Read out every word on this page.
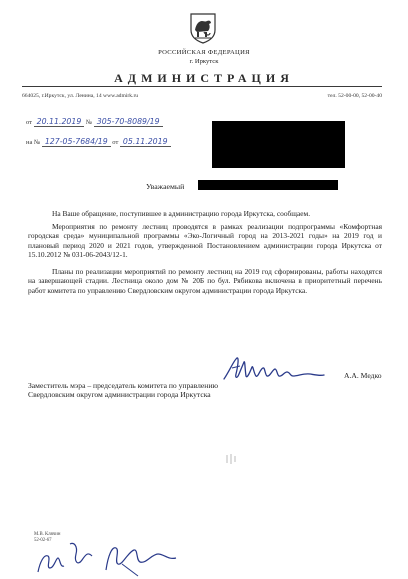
РОССИЙСКАЯ ФЕДЕРАЦИЯ
г. Иркутск
АДМИНИСТРАЦИЯ
664025, г.Иркутск, ул. Ленина, 14 www.admirk.ru	тел. 52-00-00, 52-00-40
от 20.11.2019 № 305-70-8089/19
на № 127-05-7684/19 от 05.11.2019
Уважаемый
На Ваше обращение, поступившее в администрацию города Иркутска, сообщаем.
Мероприятия по ремонту лестниц проводятся в рамках реализации подпрограммы «Комфортная городская среда» муниципальной программы «Эко-Логичный город на 2013-2021 годы» на 2019 год и плановый период 2020 и 2021 годов, утвержденной Постановлением администрации города Иркутска от 15.10.2012 № 031-06-2043/12-1.
Планы по реализации мероприятий по ремонту лестниц на 2019 год сформированы, работы находятся на завершающей стадии. Лестница около дом № 20Б по бул. Рябикова включена в приоритетный перечень работ комитета по управлению Свердловским округом администрации города Иркутска.
Заместитель мэра – председатель комитета по управлению Свердловским округом администрации города Иркутска
А.А. Медко
М.В. Клячин
52-02-67
